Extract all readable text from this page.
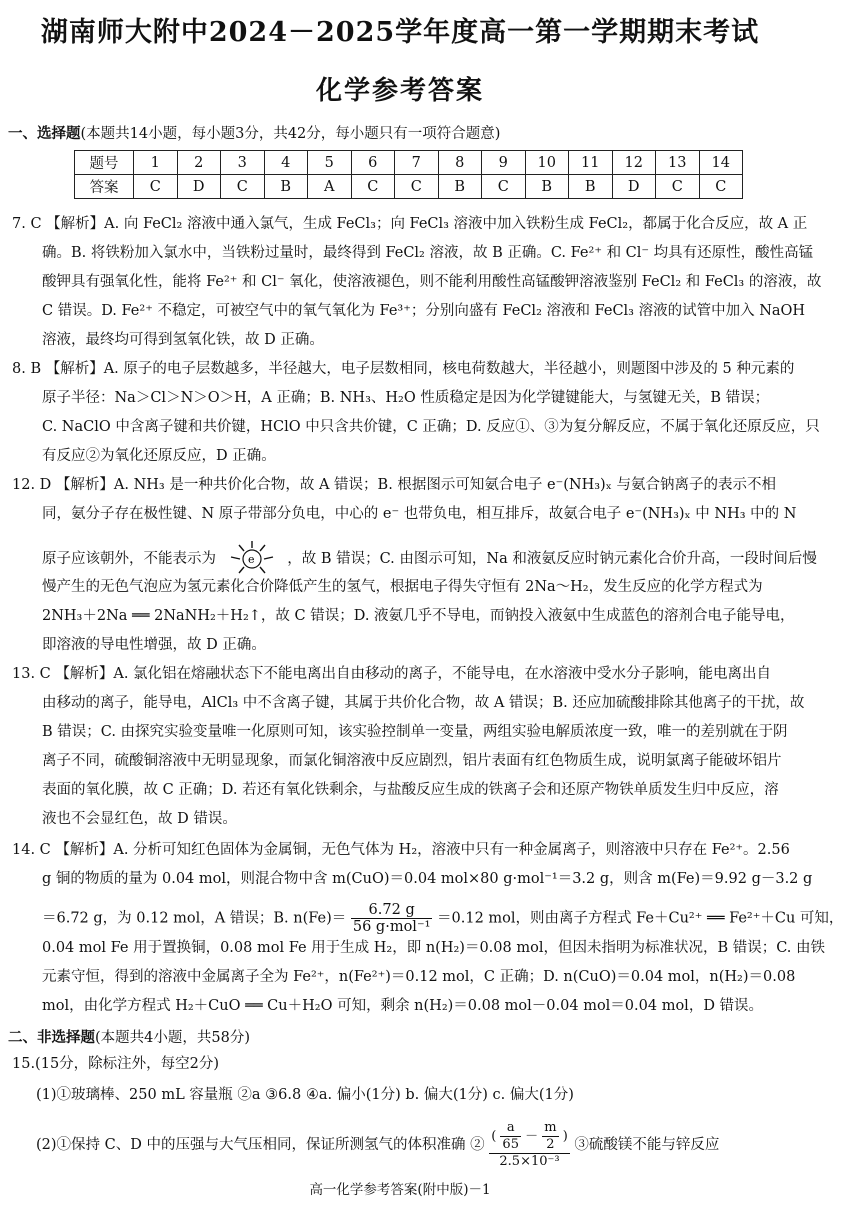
湖南师大附中2024－2025学年度高一第一学期期末考试
化学参考答案
一、选择题(本题共14小题，每小题3分，共42分，每小题只有一项符合题意)
题号	1	2	3	4	5	6	7	8	9	10	11	12	13	14
答案	C	D	C	B	A	C	C	B	C	B	B	D	C	C
7. C 【解析】A. 向 FeCl₂ 溶液中通入氯气，生成 FeCl₃；向 FeCl₃ 溶液中加入铁粉生成 FeCl₂，都属于化合反应，故 A 正
确。B. 将铁粉加入氯水中，当铁粉过量时，最终得到 FeCl₂ 溶液，故 B 正确。C. Fe²⁺ 和 Cl⁻ 均具有还原性，酸性高锰
酸钾具有强氧化性，能将 Fe²⁺ 和 Cl⁻ 氧化，使溶液褪色，则不能利用酸性高锰酸钾溶液鉴别 FeCl₂ 和 FeCl₃ 的溶液，故
C 错误。D. Fe²⁺ 不稳定，可被空气中的氧气氧化为 Fe³⁺；分别向盛有 FeCl₂ 溶液和 FeCl₃ 溶液的试管中加入 NaOH
溶液，最终均可得到氢氧化铁，故 D 正确。
8. B 【解析】A. 原子的电子层数越多，半径越大，电子层数相同，核电荷数越大，半径越小，则题图中涉及的 5 种元素的
原子半径：Na＞Cl＞N＞O＞H，A 正确；B. NH₃、H₂O 性质稳定是因为化学键键能大，与氢键无关，B 错误；
C. NaClO 中含离子键和共价键，HClO 中只含共价键，C 正确；D. 反应①、③为复分解反应，不属于氧化还原反应，只
有反应②为氧化还原反应，D 正确。
12. D 【解析】A. NH₃ 是一种共价化合物，故 A 错误；B. 根据图示可知氨合电子 e⁻(NH₃)ₓ 与氨合钠离子的表示不相
同，氨分子存在极性键、N 原子带部分负电，中心的 e⁻ 也带负电，相互排斥，故氨合电子 e⁻(NH₃)ₓ 中 NH₃ 中的 N
原子应该朝外，不能表示为	e ，故 B 错误；C. 由图示可知，Na 和液氨反应时钠元素化合价升高，一段时间后慢
慢产生的无色气泡应为氢元素化合价降低产生的氢气，根据电子得失守恒有 2Na～H₂，发生反应的化学方程式为
2NH₃＋2Na ══ 2NaNH₂＋H₂↑，故 C 错误；D. 液氨几乎不导电，而钠投入液氨中生成蓝色的溶剂合电子能导电，
即溶液的导电性增强，故 D 正确。
13. C 【解析】A. 氯化铝在熔融状态下不能电离出自由移动的离子，不能导电，在水溶液中受水分子影响，能电离出自
由移动的离子，能导电，AlCl₃ 中不含离子键，其属于共价化合物，故 A 错误；B. 还应加硫酸排除其他离子的干扰，故
B 错误；C. 由探究实验变量唯一化原则可知，该实验控制单一变量，两组实验电解质浓度一致，唯一的差别就在于阴
离子不同，硫酸铜溶液中无明显现象，而氯化铜溶液中反应剧烈，铝片表面有红色物质生成，说明氯离子能破坏铝片
表面的氧化膜，故 C 正确；D. 若还有氧化铁剩余，与盐酸反应生成的铁离子会和还原产物铁单质发生归中反应，溶
液也不会显红色，故 D 错误。
14. C 【解析】A. 分析可知红色固体为金属铜，无色气体为 H₂，溶液中只有一种金属离子，则溶液中只存在 Fe²⁺。2.56
g 铜的物质的量为 0.04 mol，则混合物中含 m(CuO)＝0.04 mol×80 g·mol⁻¹＝3.2 g，则含 m(Fe)＝9.92 g－3.2 g
＝6.72 g，为 0.12 mol，A 错误；B. $n(Fe)= \frac{6.72 g}{\text{56 g·mol⁻¹}} =0.12$ mol，则由离子方程式 Fe＋Cu²⁺ ══ Fe²⁺＋Cu 可知，
0.04 mol Fe 用于置换铜，0.08 mol Fe 用于生成 H₂，即 n(H₂)＝0.08 mol，但因未指明为标准状况，B 错误；C. 由铁
元素守恒，得到的溶液中金属离子全为 Fe²⁺，n(Fe²⁺)＝0.12 mol，C 正确；D. n(CuO)＝0.04 mol，n(H₂)＝0.08
mol，由化学方程式 H₂＋CuO ══ Cu＋H₂O 可知，剩余 n(H₂)＝0.08 mol－0.04 mol＝0.04 mol，D 错误。
二、非选择题(本题共4小题，共58分)
15.(15分，除标注外，每空2分)
(1)①玻璃棒、250 mL 容量瓶 ②a ③6.8 ④a. 偏小(1分) b. 偏大(1分) c. 偏大(1分)
(2)①保持 C、D 中的压强与大气压相同，保证所测氢气的体积准确 ②
( $\frac{a}{65} - \frac{m}{2}$ )
2.5×10⁻³
③硫酸镁不能与锌反应
高一化学参考答案(附中版)－1
